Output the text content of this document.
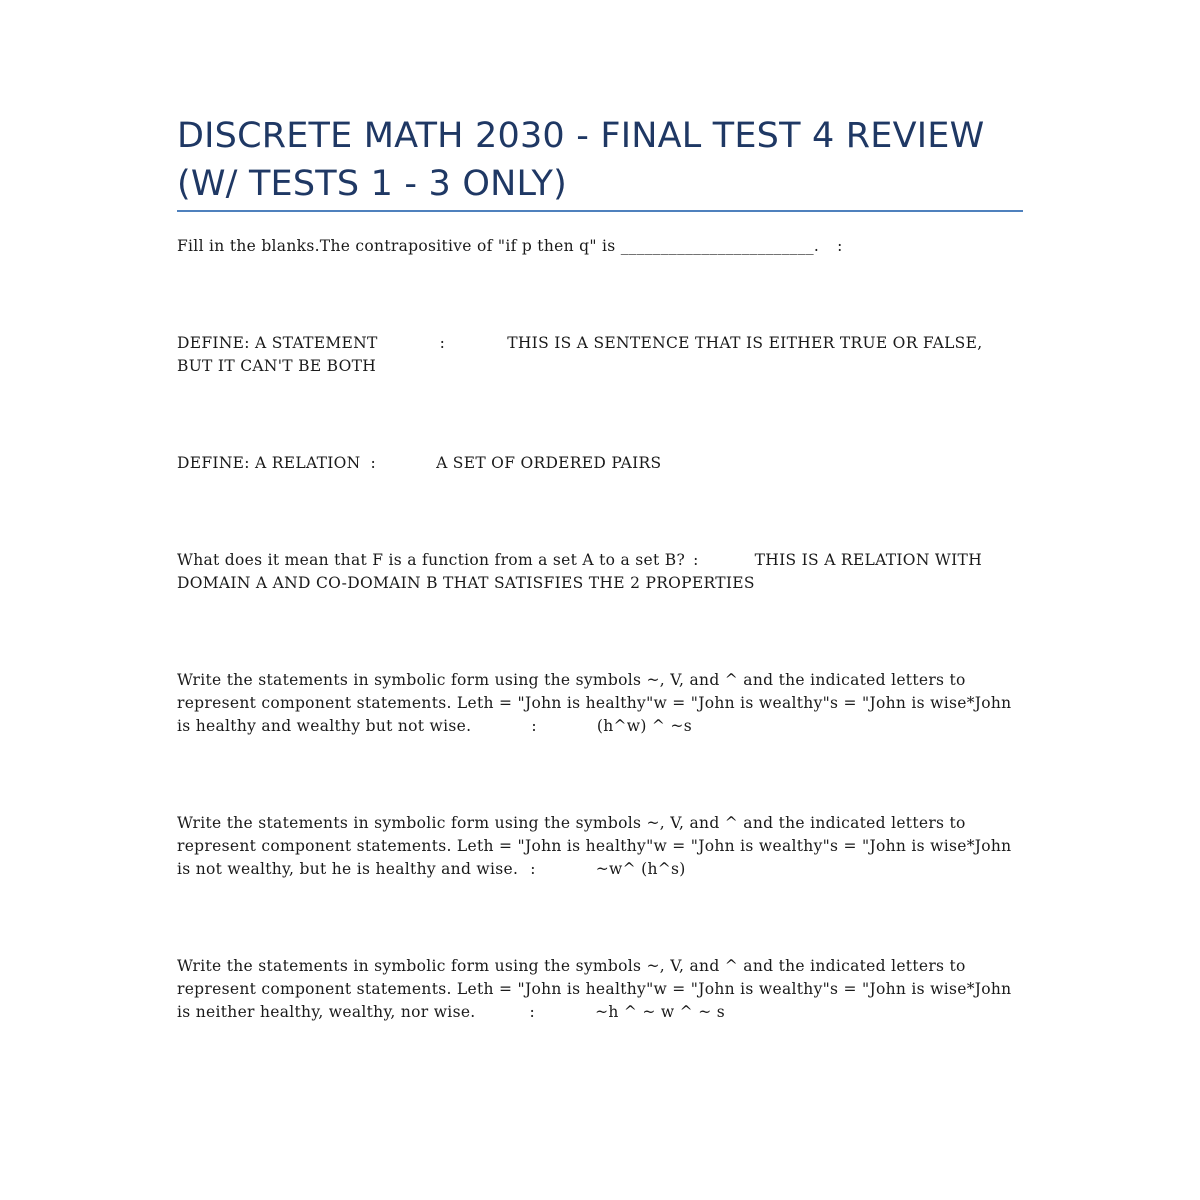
DISCRETE MATH 2030 - FINAL TEST 4 REVIEW (W/ TESTS 1 - 3 ONLY)
Fill in the blanks.The contrapositive of "if p then q" is ________________________. :
DEFINE: A STATEMENT	:	THIS IS A SENTENCE THAT IS EITHER TRUE OR FALSE, BUT IT CAN'T BE BOTH
DEFINE: A RELATION :	A SET OF ORDERED PAIRS
What does it mean that F is a function from a set A to a set B? :	THIS IS A RELATION WITH DOMAIN A AND CO-DOMAIN B THAT SATISFIES THE 2 PROPERTIES
Write the statements in symbolic form using the symbols ~, V, and ^ and the indicated letters to represent component statements. Leth = "John is healthy"w = "John is wealthy"s = "John is wise*John is healthy and wealthy but not wise.	:	(h^w) ^ ~s
Write the statements in symbolic form using the symbols ~, V, and ^ and the indicated letters to represent component statements. Leth = "John is healthy"w = "John is wealthy"s = "John is wise*John is not wealthy, but he is healthy and wise. :	~w^ (h^s)
Write the statements in symbolic form using the symbols ~, V, and ^ and the indicated letters to represent component statements. Leth = "John is healthy"w = "John is wealthy"s = "John is wise*John is neither healthy, wealthy, nor wise.	:	~h ^ ~ w ^ ~ s
